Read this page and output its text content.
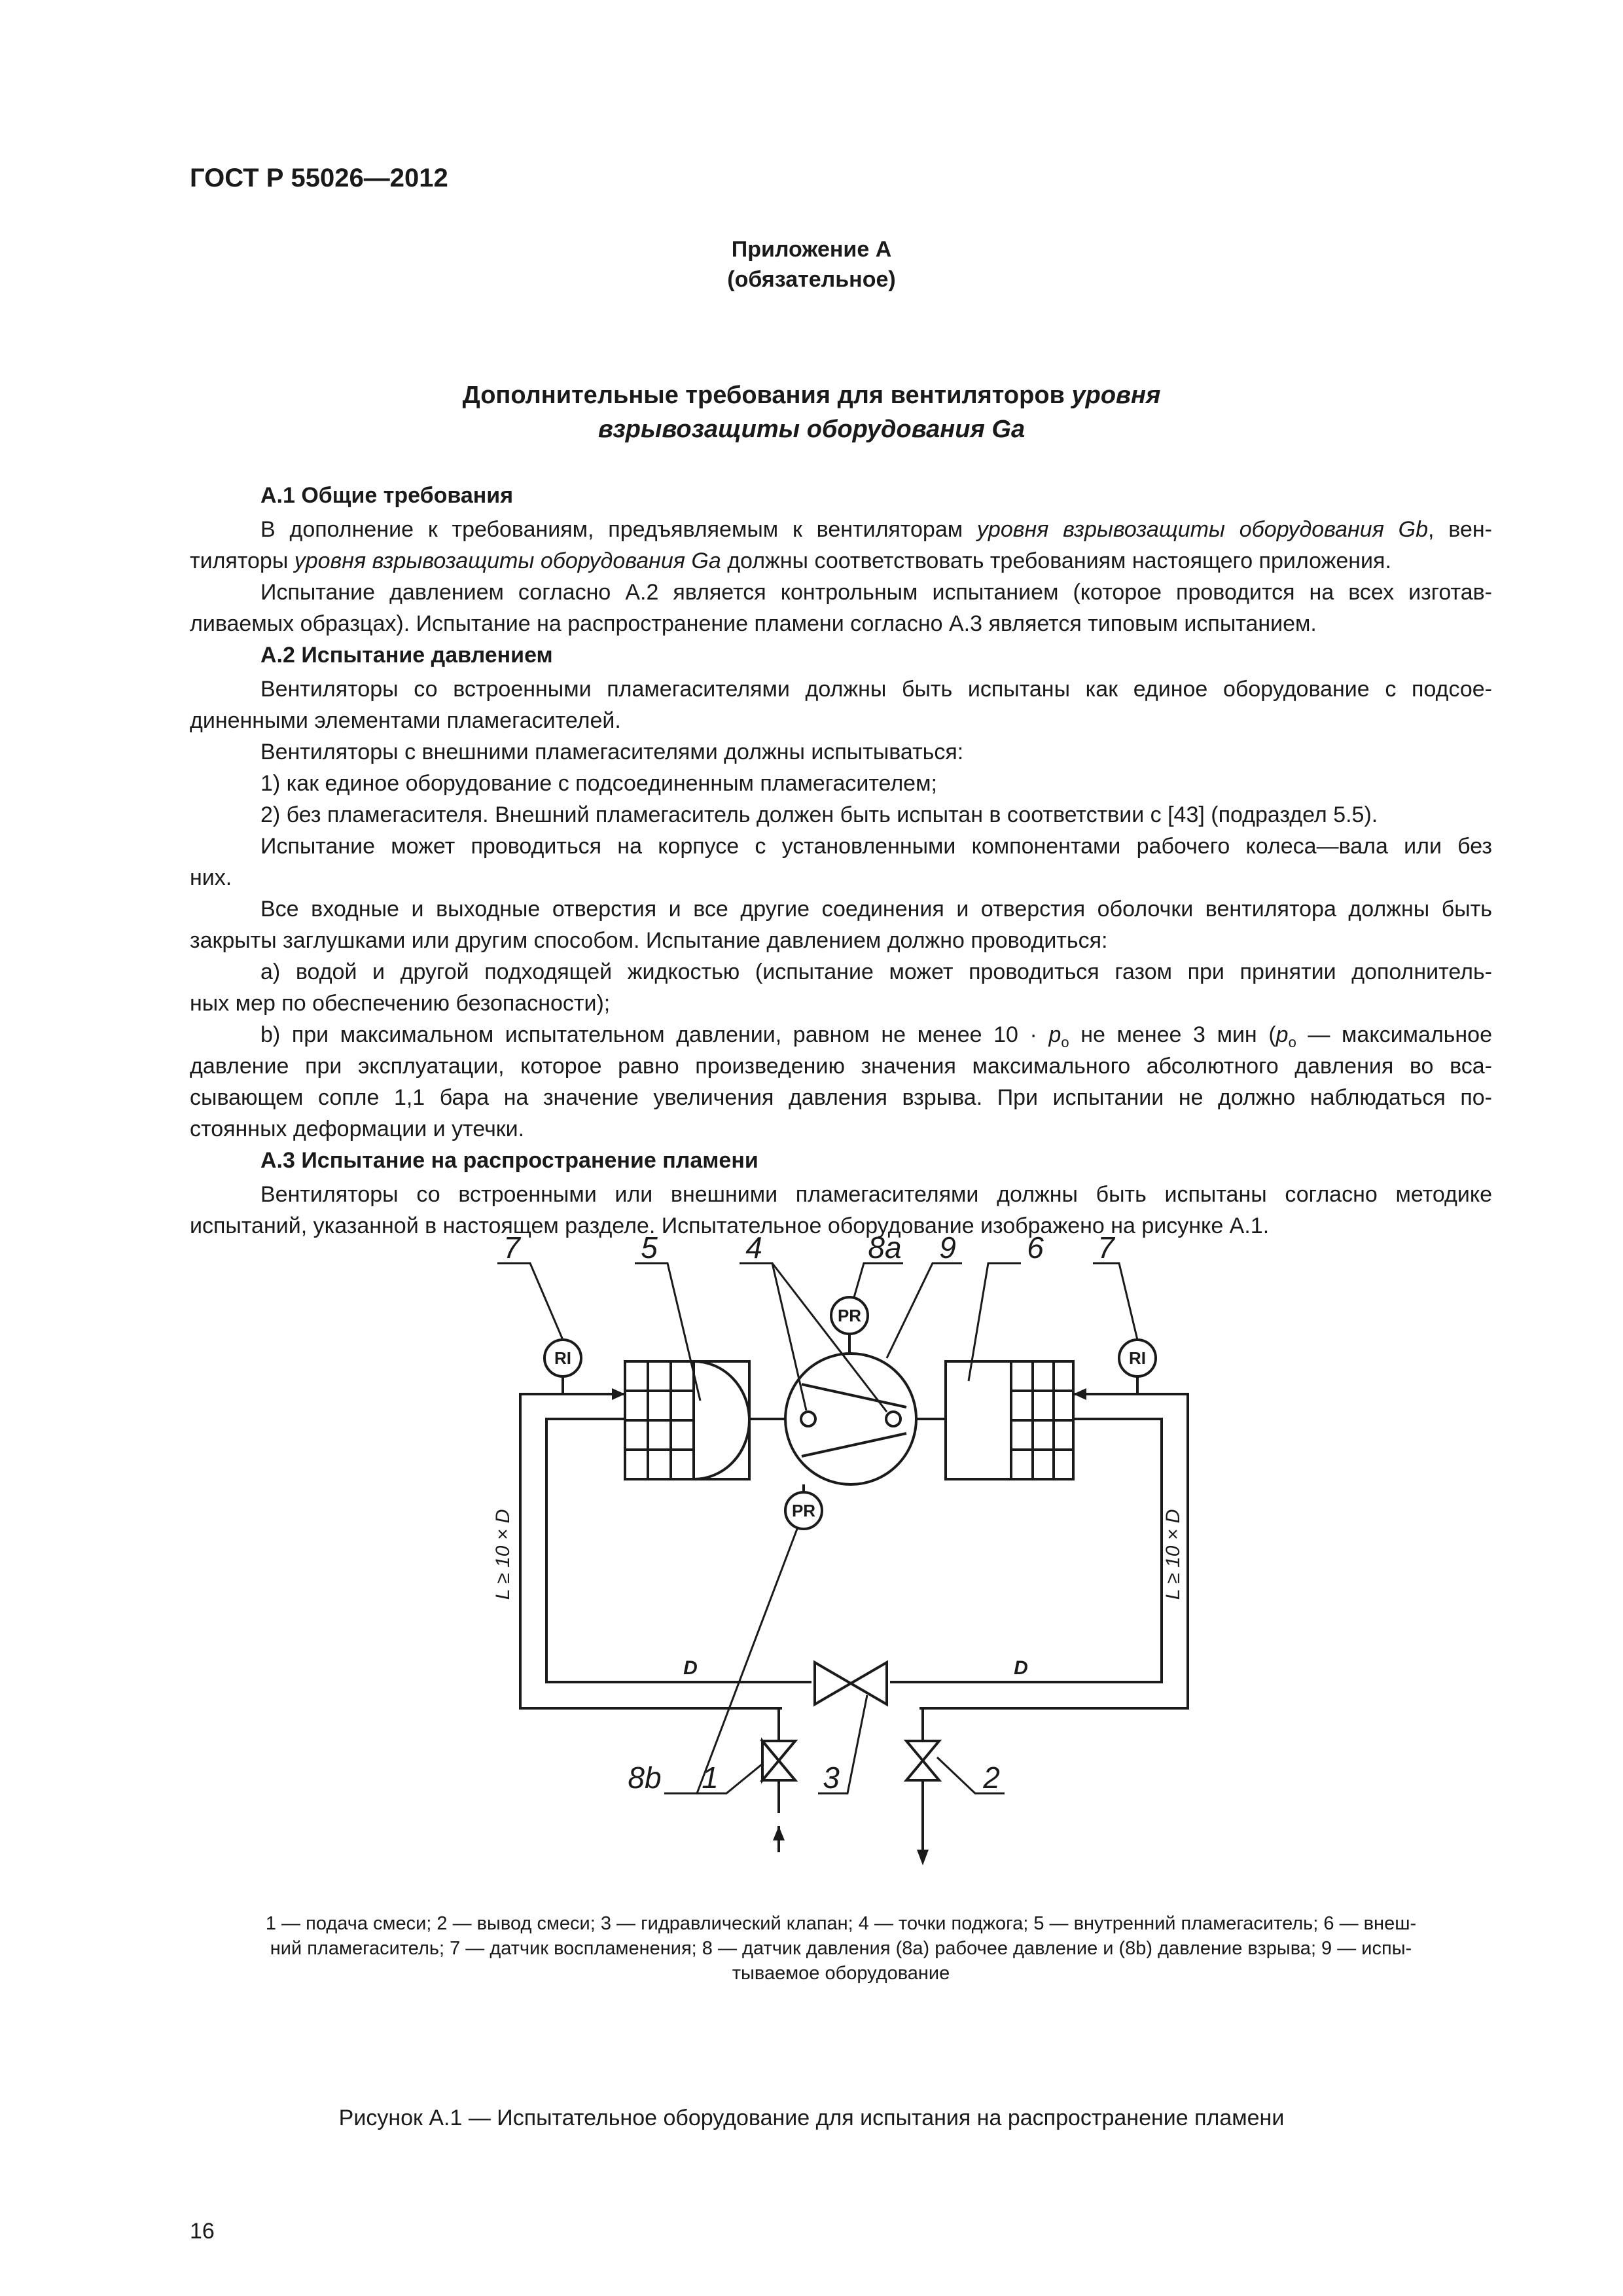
ГОСТ Р 55026—2012
Приложение А
(обязательное)
Дополнительные требования для вентиляторов уровня
взрывозащиты оборудования Ga
А.1 Общие требования
В дополнение к требованиям, предъявляемым к вентиляторам уровня взрывозащиты оборудования Gb, вен-
тиляторы уровня взрывозащиты оборудования Ga должны соответствовать требованиям настоящего приложения.
Испытание давлением согласно А.2 является контрольным испытанием (которое проводится на всех изготав-
ливаемых образцах). Испытание на распространение пламени согласно А.3 является типовым испытанием.
А.2 Испытание давлением
Вентиляторы со встроенными пламегасителями должны быть испытаны как единое оборудование с подсое-
диненными элементами пламегасителей.
Вентиляторы с внешними пламегасителями должны испытываться:
1) как единое оборудование с подсоединенным пламегасителем;
2) без пламегасителя. Внешний пламегаситель должен быть испытан в соответствии с [43] (подраздел 5.5).
Испытание может проводиться на корпусе с установленными компонентами рабочего колеса—вала или без
них.
Все входные и выходные отверстия и все другие соединения и отверстия оболочки вентилятора должны быть
закрыты заглушками или другим способом. Испытание давлением должно проводиться:
а) водой и другой подходящей жидкостью (испытание может проводиться газом при принятии дополнитель-
ных мер по обеспечению безопасности);
b) при максимальном испытательном давлении, равном не менее $10 \cdot p_o$ не менее 3 мин ($p_o$ — максимальное
давление при эксплуатации, которое равно произведению значения максимального абсолютного давления во вса-
сывающем сопле 1,1 бара на значение увеличения давления взрыва. При испытании не должно наблюдаться по-
стоянных деформации и утечки.
А.3 Испытание на распространение пламени
Вентиляторы со встроенными или внешними пламегасителями должны быть испытаны согласно методике
испытаний, указанной в настоящем разделе. Испытательное оборудование изображено на рисунке А.1.
PR
PR
RI	RI
7	5	4	8a 9 6 7
8b 1	3	2
D	D
L ≥ 10 × D	L ≥ 10 × D
1 — подача смеси; 2 — вывод смеси; 3 — гидравлический клапан; 4 — точки поджога; 5 — внутренний пламегаситель; 6 — внеш-
ний пламегаситель; 7 — датчик воспламенения; 8 — датчик давления (8а) рабочее давление и (8b) давление взрыва; 9 — испы-
тываемое оборудование
Рисунок А.1 — Испытательное оборудование для испытания на распространение пламени
16
